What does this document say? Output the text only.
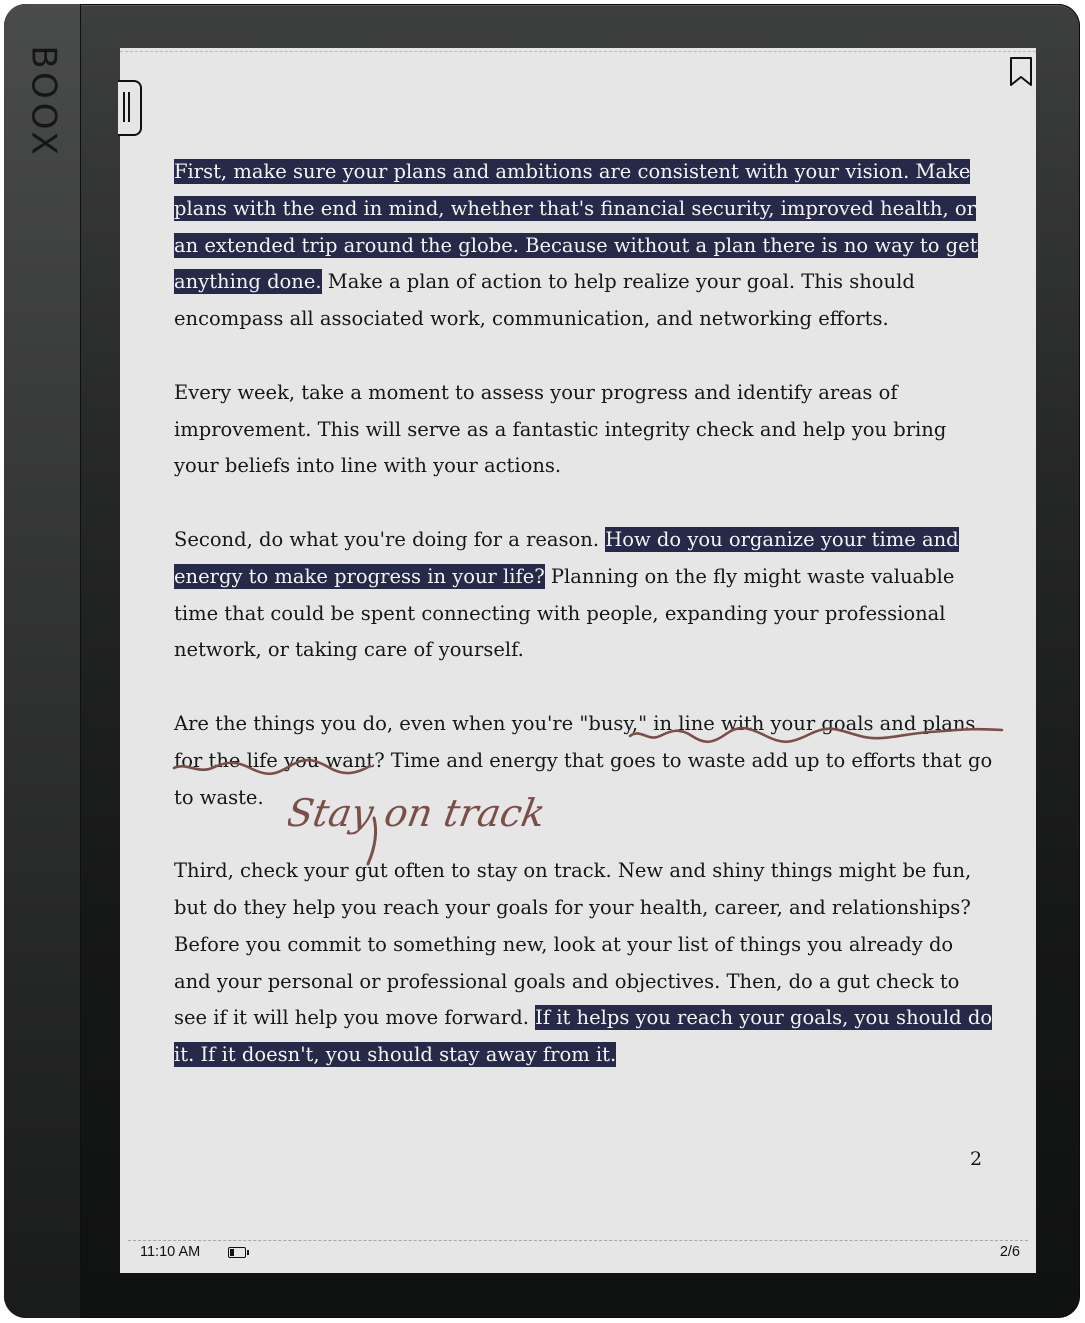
BOOX

First, make sure your plans and ambitions are consistent with your vision. Make plans with the end in mind, whether that's financial security, improved health, or an extended trip around the globe. Because without a plan there is no way to get anything done. Make a plan of action to help realize your goal. This should encompass all associated work, communication, and networking efforts.

Every week, take a moment to assess your progress and identify areas of improvement. This will serve as a fantastic integrity check and help you bring your beliefs into line with your actions.

Second, do what you're doing for a reason. How do you organize your time and energy to make progress in your life? Planning on the fly might waste valuable time that could be spent connecting with people, expanding your professional network, or taking care of yourself.

Are the things you do, even when you're "busy," in line with your goals and plans for the life you want? Time and energy that goes to waste add up to efforts that go to waste.

Third, check your gut often to stay on track. New and shiny things might be fun, but do they help you reach your goals for your health, career, and relationships? Before you commit to something new, look at your list of things you already do and your personal or professional goals and objectives. Then, do a gut check to see if it will help you move forward. If it helps you reach your goals, you should do it. If it doesn't, you should stay away from it.

Stay on track
2
11:10 AM	2/6
